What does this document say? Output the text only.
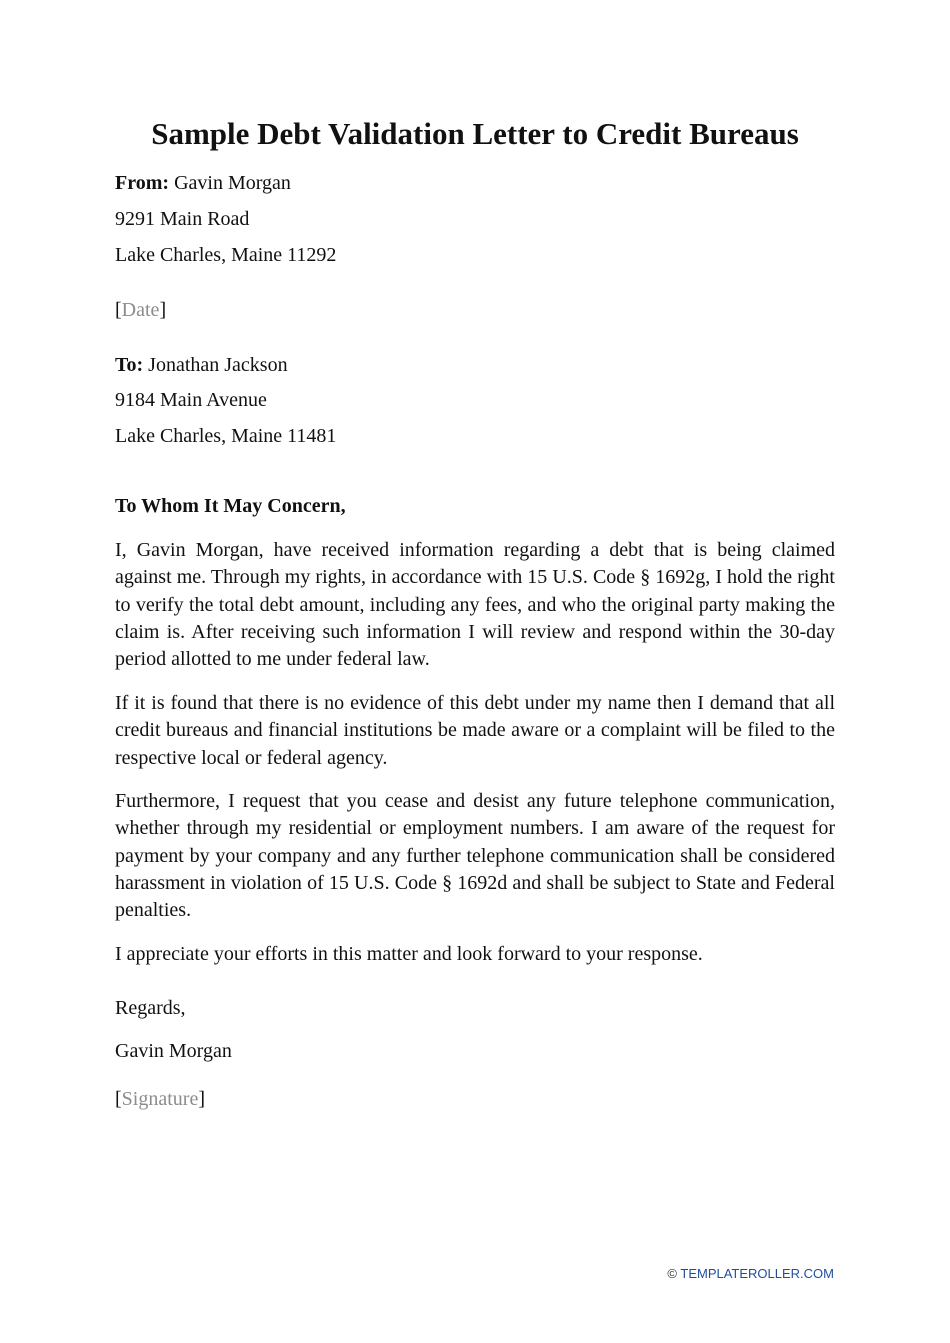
Sample Debt Validation Letter to Credit Bureaus
From: Gavin Morgan
9291 Main Road
Lake Charles, Maine 11292
[Date]
To: Jonathan Jackson
9184 Main Avenue
Lake Charles, Maine 11481
To Whom It May Concern,

I, Gavin Morgan, have received information regarding a debt that is being claimed against me. Through my rights, in accordance with 15 U.S. Code § 1692g, I hold the right to verify the total debt amount, including any fees, and who the original party making the claim is. After receiving such information I will review and respond within the 30-day period allotted to me under federal law.

If it is found that there is no evidence of this debt under my name then I demand that all credit bureaus and financial institutions be made aware or a complaint will be filed to the respective local or federal agency.

Furthermore, I request that you cease and desist any future telephone communication, whether through my residential or employment numbers. I am aware of the request for payment by your company and any further telephone communication shall be considered harassment in violation of 15 U.S. Code § 1692d and shall be subject to State and Federal penalties.

I appreciate your efforts in this matter and look forward to your response.

Regards,
Gavin Morgan
[Signature]
© TEMPLATEROLLER.COM
